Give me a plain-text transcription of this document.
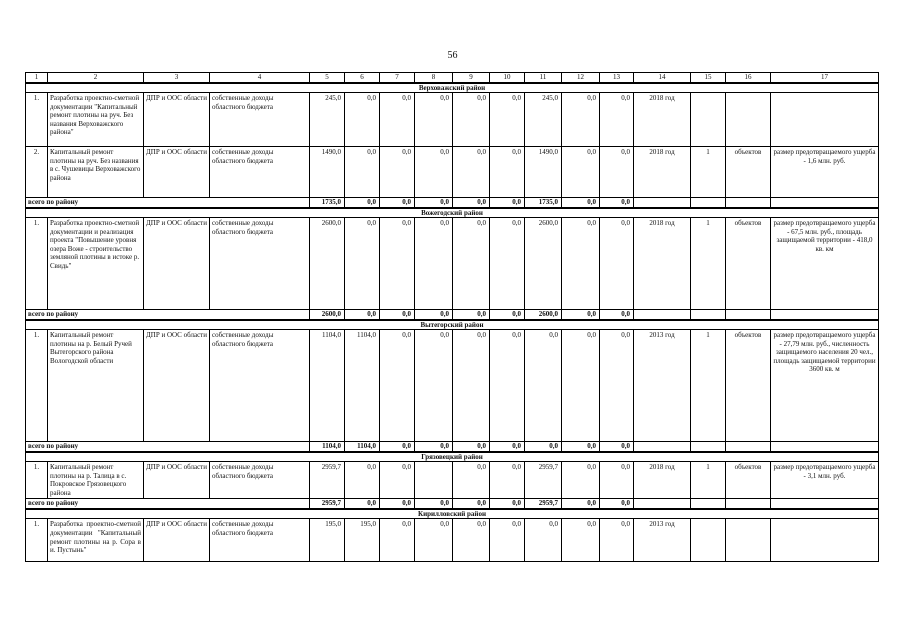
56
1	2	3	4	5	6	7	8	9	10	11	12	13	14	15	16	17
Верховажский район																
1.	Разработка проектно-сметной документации "Капитальный ремонт плотины на руч. Без названия Верховажского района"	ДПР и ООС области	собственные доходы областного бюджета	245,0	0,0	0,0	0,0	0,0	0,0	245,0	0,0	0,0	2018 год			
2.	Капитальный ремонт плотины на руч. Без названия в с. Чушевицы Верховажского района	ДПР и ООС области	собственные доходы областного бюджета	1490,0	0,0	0,0	0,0	0,0	0,0	1490,0	0,0	0,0	2018 год	1	объектов	размер предотвращаемого ущерба - 1,6 млн. руб.
всего по району				1735,0	0,0	0,0	0,0	0,0	0,0	1735,0	0,0	0,0				
Вожегодский район																
1.	Разработка проектно-сметной документации и реализация проекта "Повышение уровня озера Воже - строительство земляной плотины в истоке р. Свидь"	ДПР и ООС области	собственные доходы областного бюджета	2600,0	0,0	0,0	0,0	0,0	0,0	2600,0	0,0	0,0	2018 год	1	объектов	размер предотвращаемого ущерба - 67,5 млн. руб., площадь защищаемой территории - 418,0 кв. км
всего по району				2600,0	0,0	0,0	0,0	0,0	0,0	2600,0	0,0	0,0				
Вытегорский район																
1.	Капитальный ремонт плотины на р. Белый Ручей Вытегорского района Вологодской области	ДПР и ООС области	собственные доходы областного бюджета	1104,0	1104,0	0,0	0,0	0,0	0,0	0,0	0,0	0,0	2013 год	1	объектов	размер предотвращаемого ущерба - 27,79 млн. руб., численность защищаемого населения 20 чел., площадь защищаемой территории 3600 кв. м
всего по району				1104,0	1104,0	0,0	0,0	0,0	0,0	0,0	0,0	0,0				
Грязовецкий район																
1.	Капитальный ремонт плотины на р. Талица в с. Покровское Грязовецкого района	ДПР и ООС области	собственные доходы областного бюджета	2959,7	0,0	0,0		0,0	0,0	2959,7	0,0	0,0	2018 год	1	объектов	размер предотвращаемого ущерба - 3,1 млн. руб.
всего по району				2959,7	0,0	0,0	0,0	0,0	0,0	2959,7	0,0	0,0				
Кирилловский район																
1.	Разработка проектно-сметной документации "Капитальный ремонт плотины на р. Сора в и. Пустынь"	ДПР и ООС области	собственные доходы областного бюджета	195,0	195,0	0,0	0,0	0,0	0,0	0,0	0,0	0,0	2013 год			
